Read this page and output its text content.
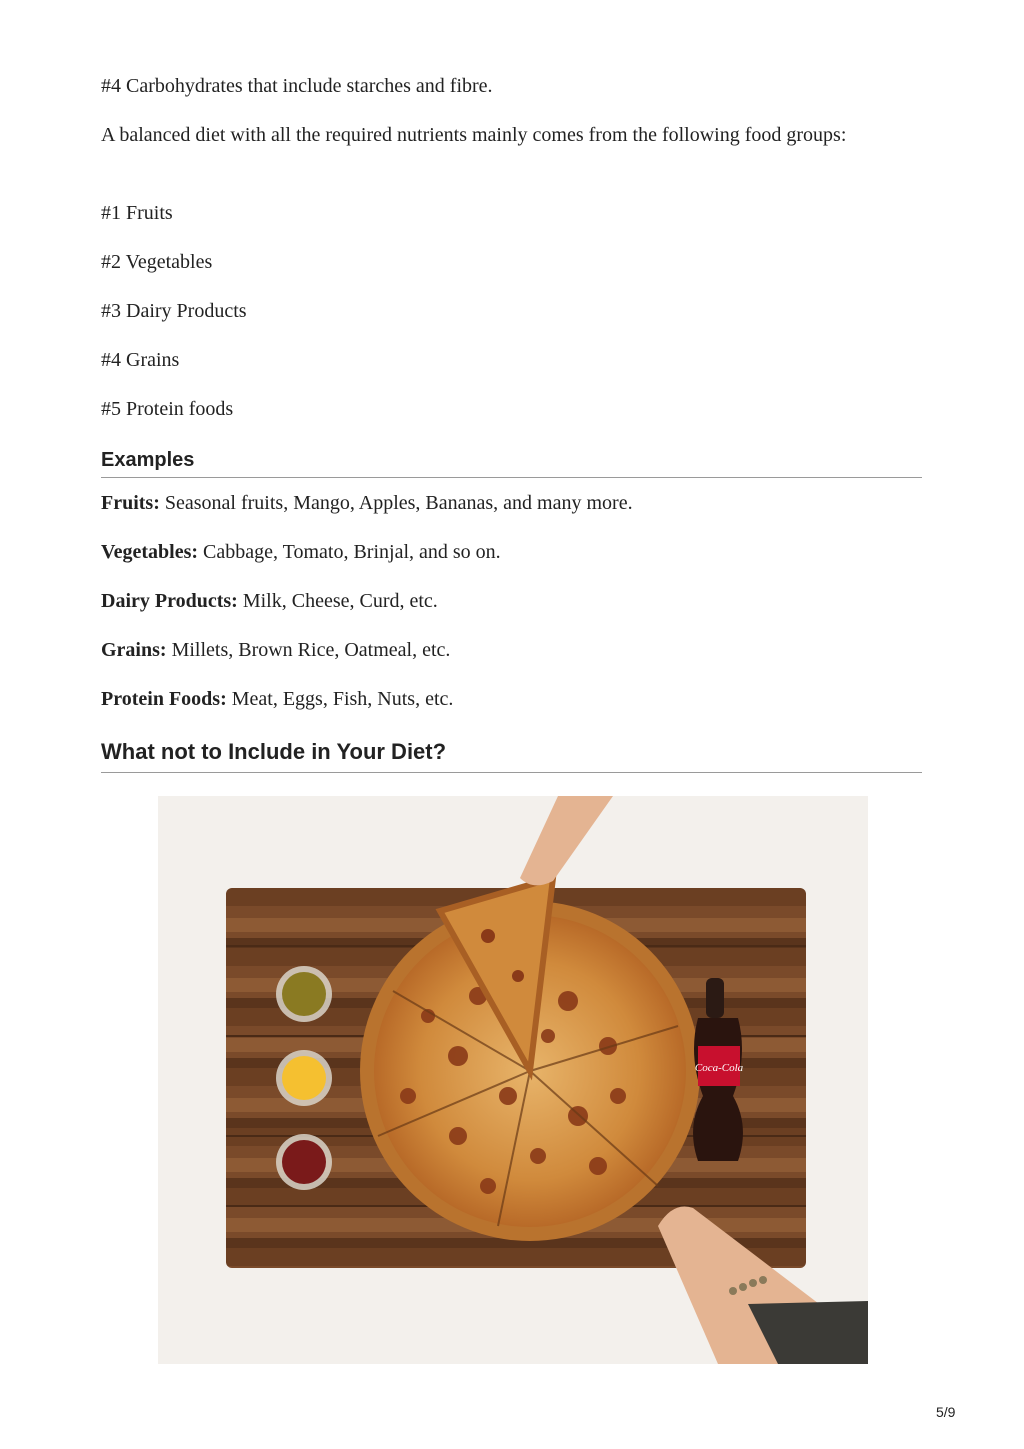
#4 Carbohydrates that include starches and fibre.

A balanced diet with all the required nutrients mainly comes from the following food groups:

#1 Fruits

#2 Vegetables

#3 Dairy Products

#4 Grains

#5 Protein foods

Examples

Fruits: Seasonal fruits, Mango, Apples, Bananas, and many more.

Vegetables: Cabbage, Tomato, Brinjal, and so on.

Dairy Products: Milk, Cheese, Curd, etc.

Grains: Millets, Brown Rice, Oatmeal, etc.

Protein Foods: Meat, Eggs, Fish, Nuts, etc.

What not to Include in Your Diet?
Coca-Cola
5/9
